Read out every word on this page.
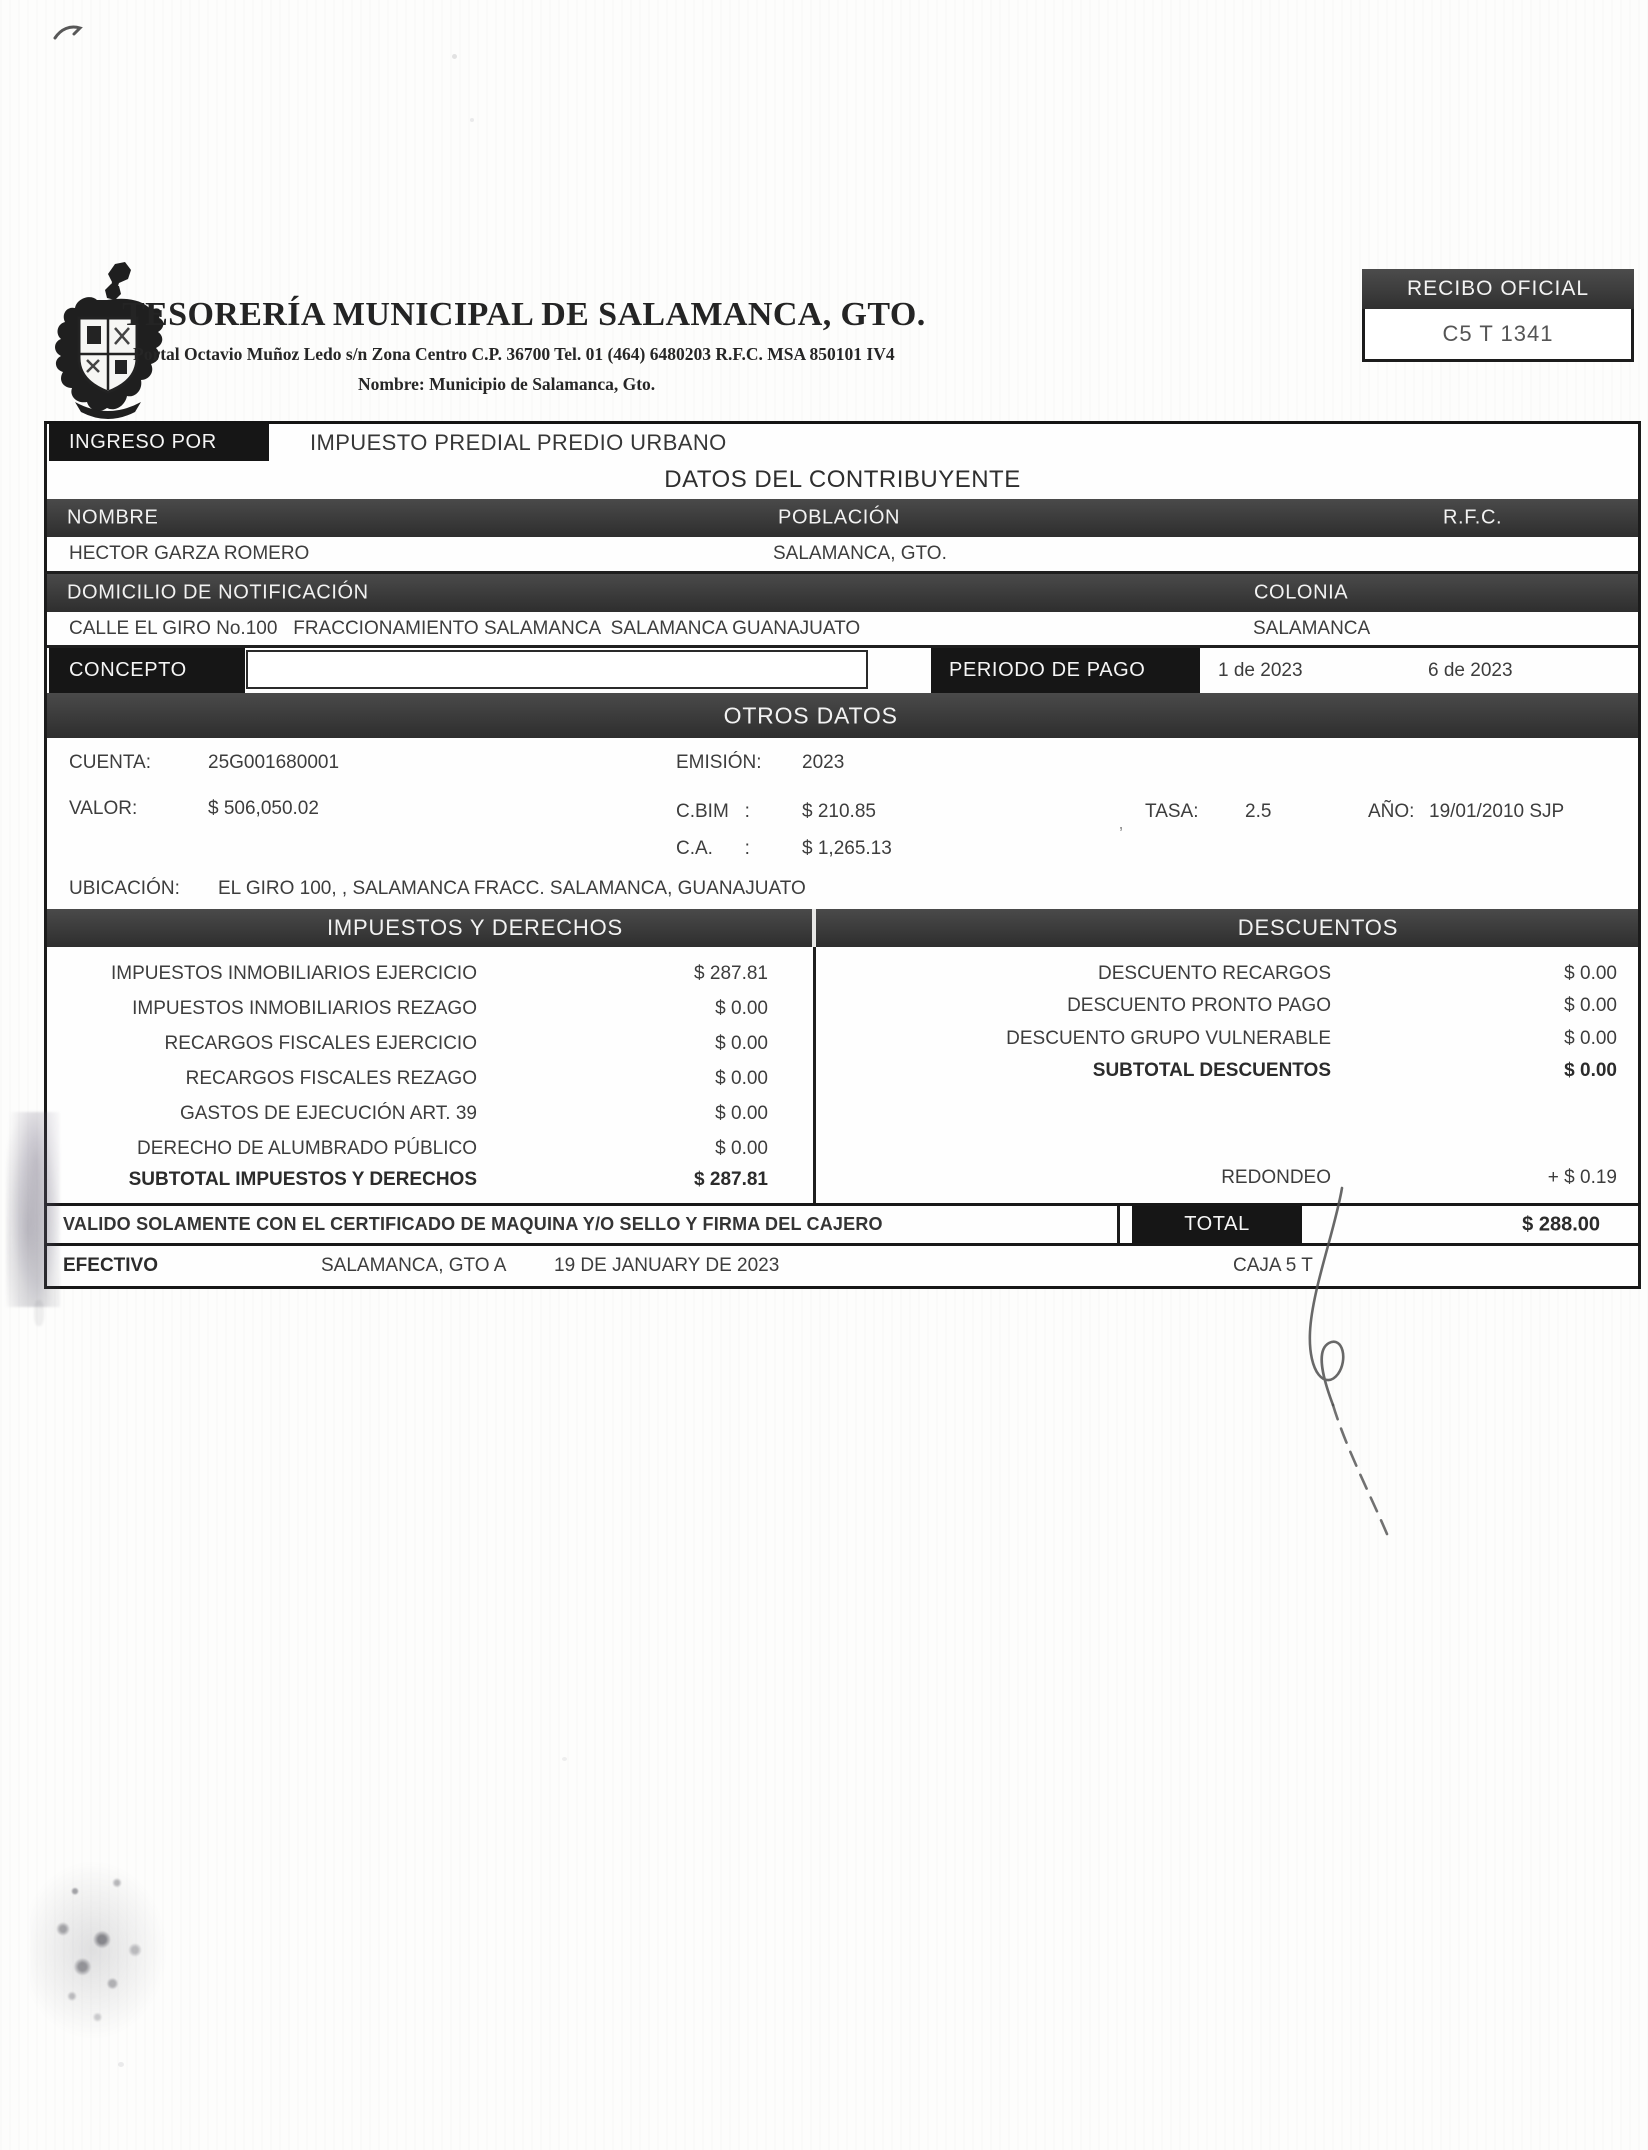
TESORERÍA MUNICIPAL DE SALAMANCA, GTO.
Portal Octavio Muñoz Ledo s/n Zona Centro C.P. 36700 Tel. 01 (464) 6480203 R.F.C. MSA 850101 IV4
Nombre: Municipio de Salamanca, Gto.
RECIBO OFICIAL
C5 T 1341
INGRESO POR	IMPUESTO PREDIAL PREDIO URBANO
DATOS DEL CONTRIBUYENTE
NOMBRE	POBLACIÓN	R.F.C.
HECTOR GARZA ROMERO	SALAMANCA, GTO.
DOMICILIO DE NOTIFICACIÓN	COLONIA
CALLE EL GIRO No.100   FRACCIONAMIENTO SALAMANCA  SALAMANCA GUANAJUATO	SALAMANCA
CONCEPTO	PERIODO DE PAGO	1 de 2023	6 de 2023
OTROS DATOS
CUENTA:	25G001680001	EMISIÓN: 2023
VALOR:	$ 506,050.02	C.BIM   :	$ 210.85	TASA: 2.5	AÑO: 19/01/2010 SJP
C.A.      :	$ 1,265.13
UBICACIÓN: EL GIRO 100, , SALAMANCA FRACC. SALAMANCA, GUANAJUATO
’
IMPUESTOS Y DERECHOS	DESCUENTOS
IMPUESTOS INMOBILIARIOS EJERCICIO	$ 287.81
IMPUESTOS INMOBILIARIOS REZAGO	$ 0.00
RECARGOS FISCALES EJERCICIO	$ 0.00
RECARGOS FISCALES REZAGO	$ 0.00
GASTOS DE EJECUCIÓN ART. 39	$ 0.00
DERECHO DE ALUMBRADO PÚBLICO	$ 0.00
SUBTOTAL IMPUESTOS Y DERECHOS	$ 287.81
DESCUENTO RECARGOS	$ 0.00
DESCUENTO PRONTO PAGO	$ 0.00
DESCUENTO GRUPO VULNERABLE	$ 0.00
SUBTOTAL DESCUENTOS	$ 0.00
REDONDEO	+ $ 0.19
VALIDO SOLAMENTE CON EL CERTIFICADO DE MAQUINA Y/O SELLO Y FIRMA DEL CAJERO	TOTAL	$ 288.00
EFECTIVO	SALAMANCA, GTO A	19 DE JANUARY DE 2023	CAJA 5 T
